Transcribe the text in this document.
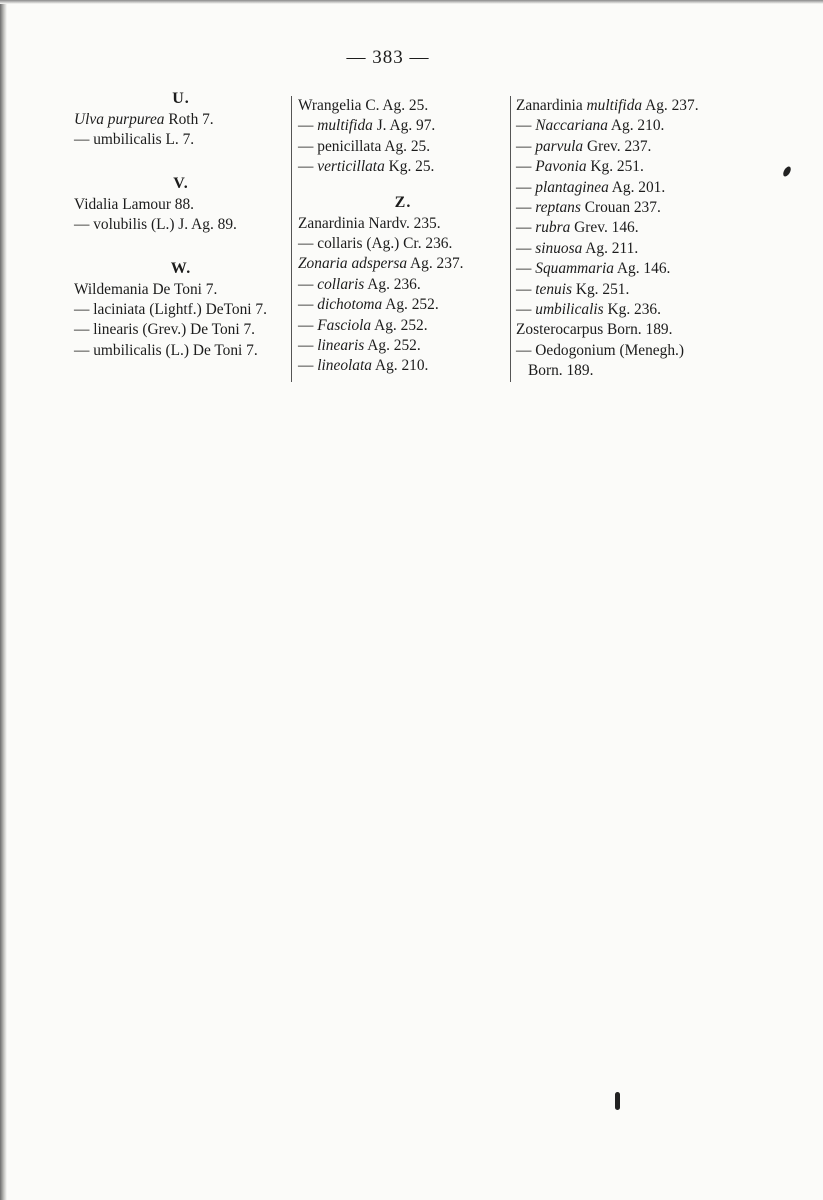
— 383 —
U.
Ulva purpurea Roth 7.
— umbilicalis L. 7.
V.
Vidalia Lamour 88.
— volubilis (L.) J. Ag. 89.
W.
Wildemania De Toni 7.
— laciniata (Lightf.) DeToni 7.
— linearis (Grev.) De Toni 7.
— umbilicalis (L.) De Toni 7.
Wrangelia C. Ag. 25.
— multifida J. Ag. 97.
— penicillata Ag. 25.
— verticillata Kg. 25.
Z.
Zanardinia Nardv. 235.
— collaris (Ag.) Cr. 236.
Zonaria adspersa Ag. 237.
— collaris Ag. 236.
— dichotoma Ag. 252.
— Fasciola Ag. 252.
— linearis Ag. 252.
— lineolata Ag. 210.
Zanardinia multifida Ag. 237.
— Naccariana Ag. 210.
— parvula Grev. 237.
— Pavonia Kg. 251.
— plantaginea Ag. 201.
— reptans Crouan 237.
— rubra Grev. 146.
— sinuosa Ag. 211.
— Squammaria Ag. 146.
— tenuis Kg. 251.
— umbilicalis Kg. 236.
Zosterocarpus Born. 189.
— Oedogonium (Menegh.)
Born. 189.
